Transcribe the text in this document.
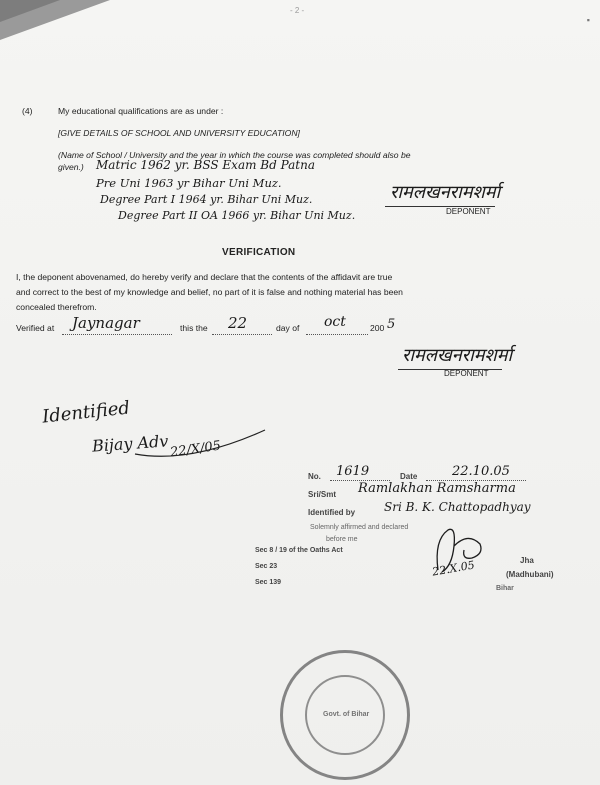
- 2 -
▪
(4)	My educational qualifications are as under :
[GIVE DETAILS OF SCHOOL AND UNIVERSITY EDUCATION]
(Name of School / University and the year in which the course was completed should also be
given.) Matric 1962 yr. BSS Exam Bd Patna
Pre Uni 1963 yr Bihar Uni Muz.
Degree Part I 1964 yr. Bihar Uni Muz.
Degree Part II OA 1966 yr. Bihar Uni Muz.
रामलखनरामशर्मा
DEPONENT
VERIFICATION
I, the deponent abovenamed, do hereby verify and declare that the contents of the affidavit are true
and correct to the best of my knowledge and belief, no part of it is false and nothing material has been
concealed therefrom.
Verified at Jaynagar	this the 22	day of oct	200 5
रामलखनरामशर्मा
DEPONENT
Identified
Bijay Adv 22/X/05
No. 1619	Date	22.10.05
Sri/Smt Ramlakhan Ramsharma
Identified by Sri B. K. Chattopadhyay
Solemnly affirmed and declared
before me
Sec 8 / 19 of the Oaths Act
Sec 23
Sec 139
22.X.05	Jha
(Madhubani)
Bihar
Govt. of Bihar
